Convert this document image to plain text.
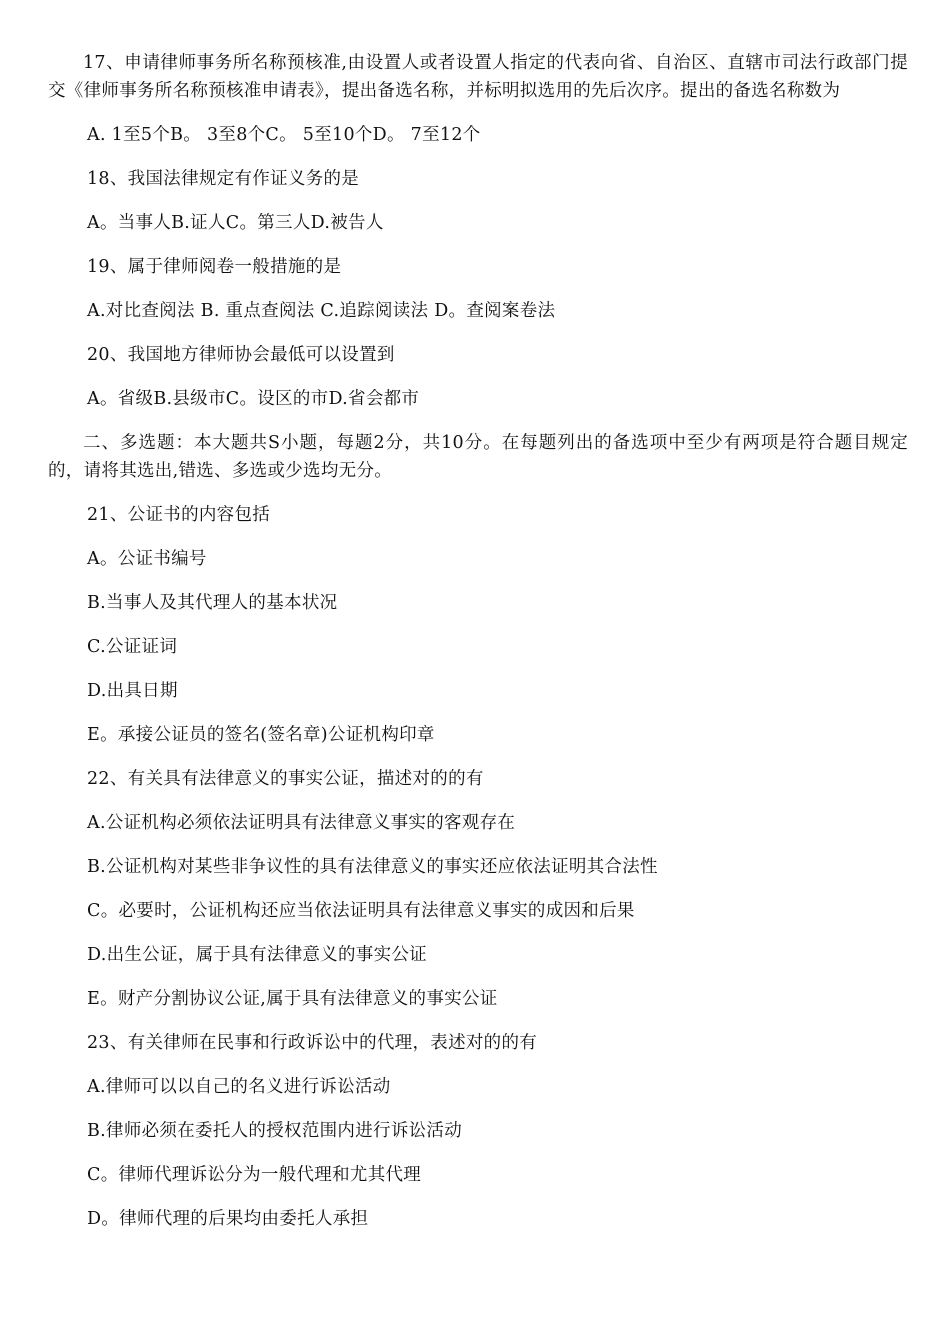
17、申请律师事务所名称预核准,由设置人或者设置人指定的代表向省、自治区、直辖市司法行政部门提交《律师事务所名称预核准申请表》，提出备选名称，并标明拟选用的先后次序。提出的备选名称数为

A. 1至5个B。 3至8个C。 5至10个D。 7至12个

18、我国法律规定有作证义务的是

A。当事人B.证人C。第三人D.被告人

19、属于律师阅卷一般措施的是

A.对比查阅法 B. 重点查阅法 C.追踪阅读法 D。查阅案卷法

20、我国地方律师协会最低可以设置到

A。省级B.县级市C。设区的市D.省会都市

二、多选题：本大题共S小题，每题2分，共10分。在每题列出的备选项中至少有两项是符合题目规定的，请将其选出,错选、多选或少选均无分。

21、公证书的内容包括

A。公证书编号

B.当事人及其代理人的基本状况

C.公证证词

D.出具日期

E。承接公证员的签名(签名章)公证机构印章

22、有关具有法律意义的事实公证，描述对的的有

A.公证机构必须依法证明具有法律意义事实的客观存在

B.公证机构对某些非争议性的具有法律意义的事实还应依法证明其合法性

C。必要时，公证机构还应当依法证明具有法律意义事实的成因和后果

D.出生公证，属于具有法律意义的事实公证

E。财产分割协议公证,属于具有法律意义的事实公证

23、有关律师在民事和行政诉讼中的代理，表述对的的有

A.律师可以以自己的名义进行诉讼活动

B.律师必须在委托人的授权范围内进行诉讼活动

C。律师代理诉讼分为一般代理和尤其代理

D。律师代理的后果均由委托人承担
